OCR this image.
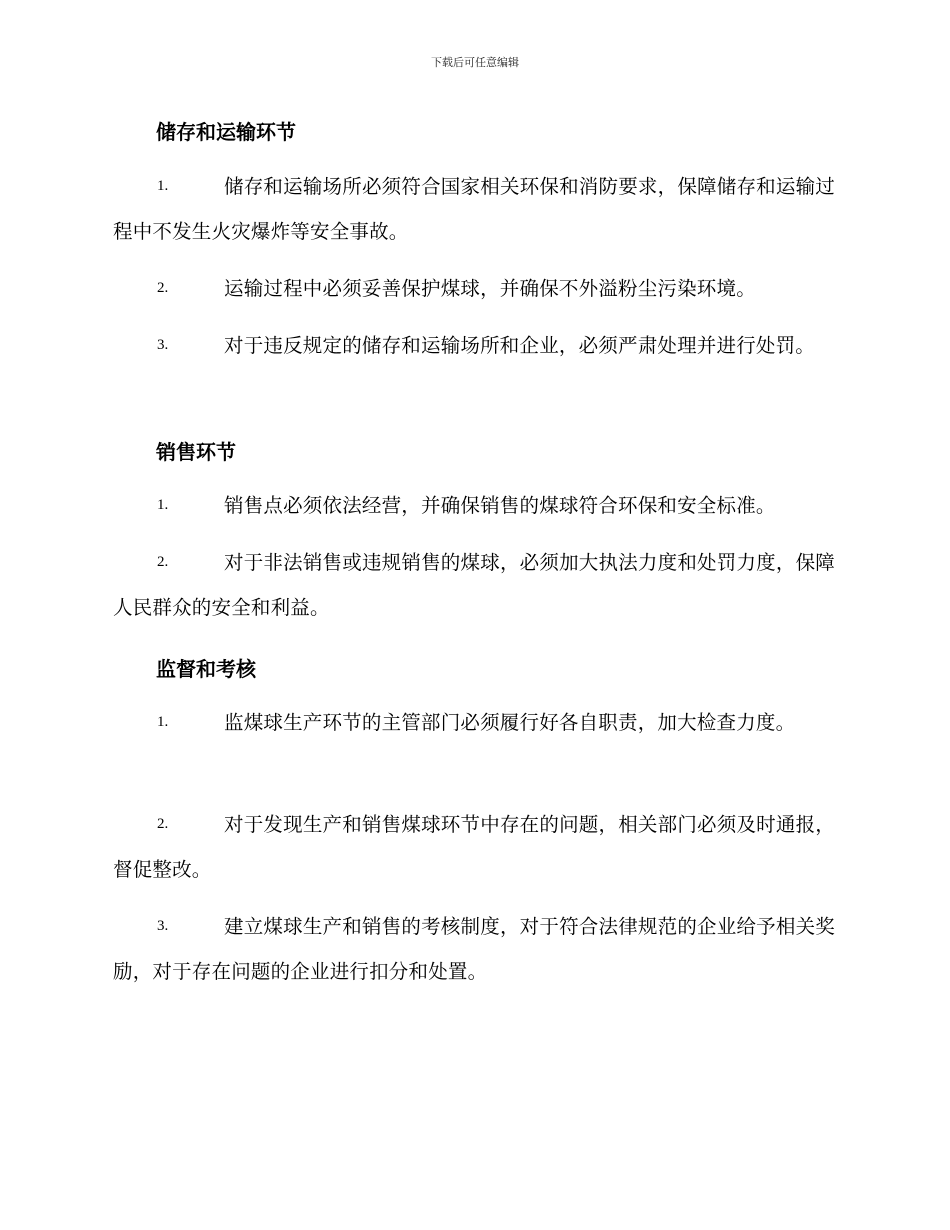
下载后可任意编辑
储存和运输环节
1.	储存和运输场所必须符合国家相关环保和消防要求，保障储存和运输过程中不发生火灾爆炸等安全事故。
2.	运输过程中必须妥善保护煤球，并确保不外溢粉尘污染环境。
3.	对于违反规定的储存和运输场所和企业，必须严肃处理并进行处罚。
销售环节
1.	销售点必须依法经营，并确保销售的煤球符合环保和安全标准。
2.	对于非法销售或违规销售的煤球，必须加大执法力度和处罚力度，保障人民群众的安全和利益。
监督和考核
1.	监煤球生产环节的主管部门必须履行好各自职责，加大检查力度。
2.	对于发现生产和销售煤球环节中存在的问题，相关部门必须及时通报，督促整改。
3.	建立煤球生产和销售的考核制度，对于符合法律规范的企业给予相关奖励，对于存在问题的企业进行扣分和处置。
